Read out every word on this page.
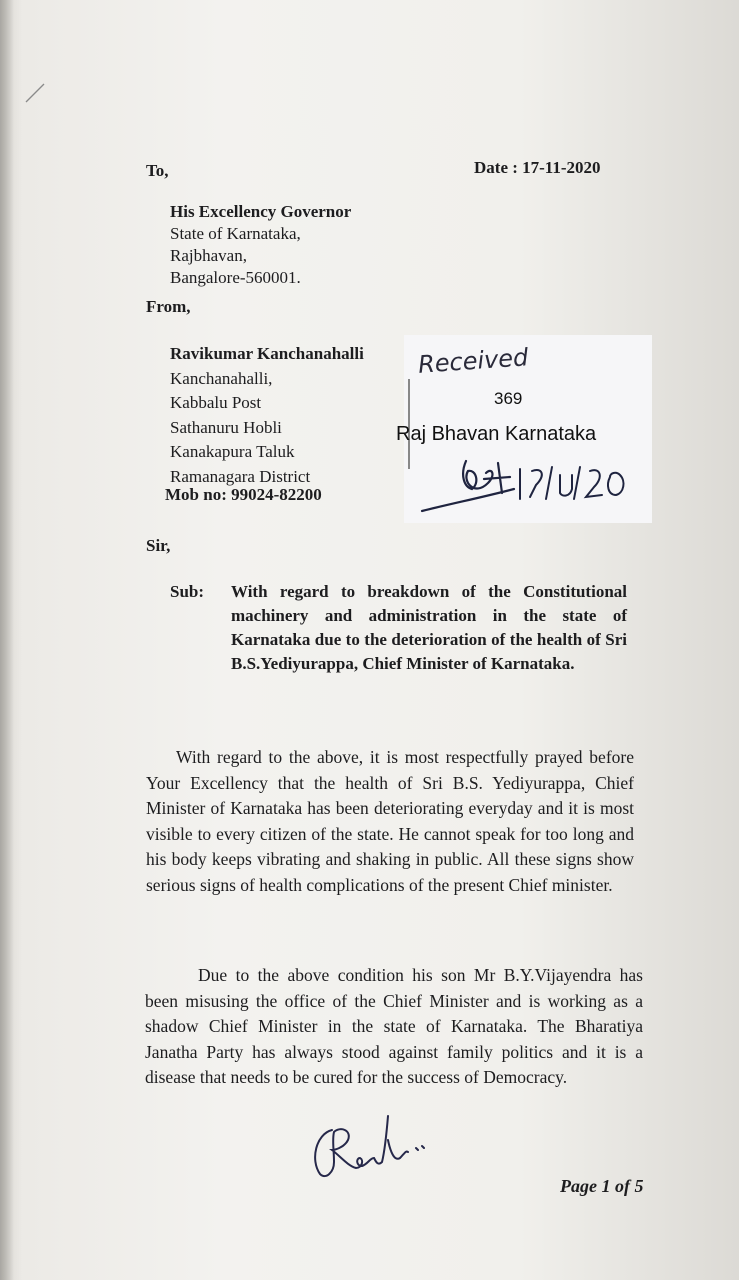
To,	Date : 17-11-2020
His Excellency Governor
State of Karnataka,
Rajbhavan,
Bangalore-560001.
From,
Ravikumar Kanchanahalli
Kanchanahalli,
Kabbalu Post
Sathanuru Hobli
Kanakapura Taluk
Ramanagara District
Mob no: 99024-82200
Received
369
Raj Bhavan Karnataka
Sir,
Sub: With regard to breakdown of the Constitutional machinery and administration in the state of Karnataka due to the deterioration of the health of Sri B.S.Yediyurappa, Chief Minister of Karnataka.
With regard to the above, it is most respectfully prayed before Your Excellency that the health of Sri B.S. Yediyurappa, Chief Minister of Karnataka has been deteriorating everyday and it is most visible to every citizen of the state. He cannot speak for too long and his body keeps vibrating and shaking in public. All these signs show serious signs of health complications of the present Chief minister.
Due to the above condition his son Mr B.Y.Vijayendra has been misusing the office of the Chief Minister and is working as a shadow Chief Minister in the state of Karnataka. The Bharatiya Janatha Party has always stood against family politics and it is a disease that needs to be cured for the success of Democracy.
Page 1 of 5
